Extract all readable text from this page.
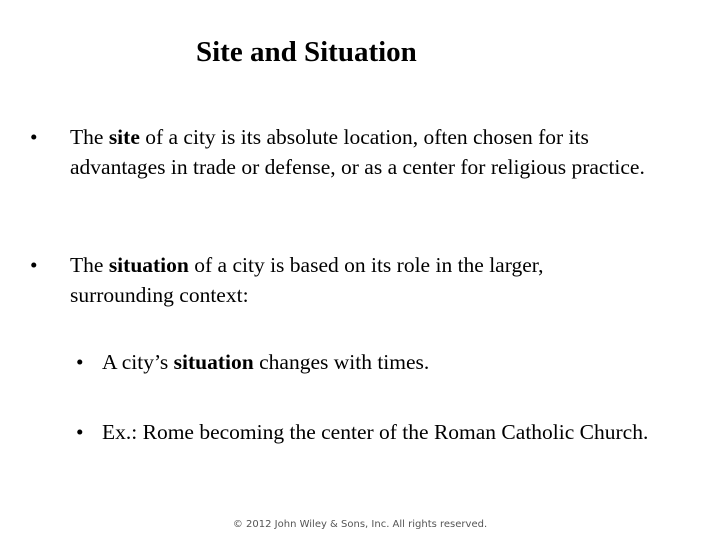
Site and Situation
•	The site of a city is its absolute location, often chosen for its advantages in trade or defense, or as a center for religious practice.
•	The situation of a city is based on its role in the larger, surrounding context:
• A city’s situation changes with times.
• Ex.: Rome becoming the center of the Roman Catholic Church.
© 2012 John Wiley & Sons, Inc. All rights reserved.
